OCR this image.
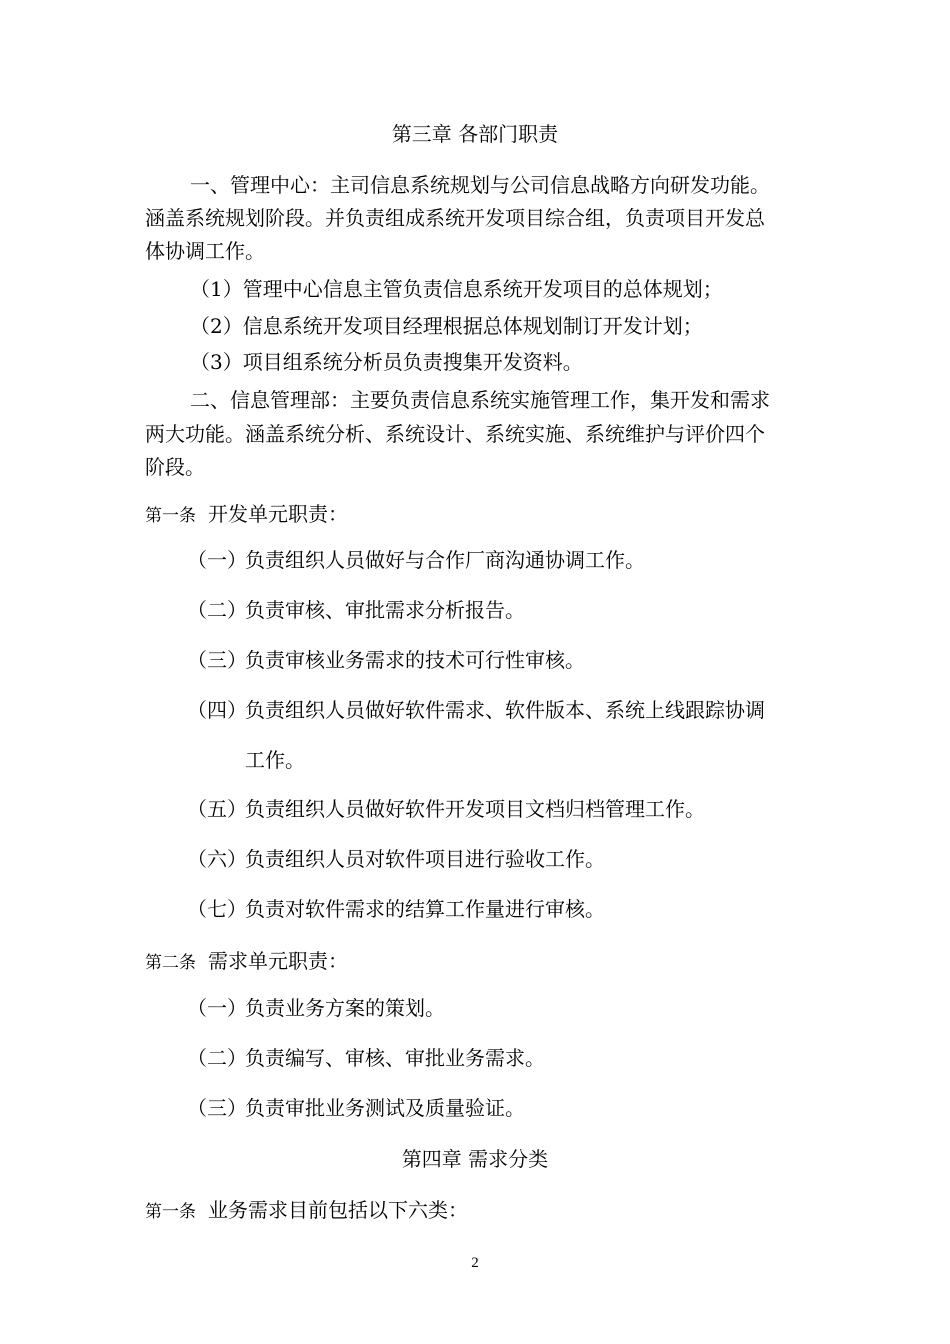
第三章 各部门职责
一、管理中心：主司信息系统规划与公司信息战略方向研发功能。
涵盖系统规划阶段。并负责组成系统开发项目综合组，负责项目开发总
体协调工作。
（1）管理中心信息主管负责信息系统开发项目的总体规划；
（2）信息系统开发项目经理根据总体规划制订开发计划；
（3）项目组系统分析员负责搜集开发资料。
二、信息管理部：主要负责信息系统实施管理工作，集开发和需求
两大功能。涵盖系统分析、系统设计、系统实施、系统维护与评价四个
阶段。
第一条 开发单元职责：
（一）负责组织人员做好与合作厂商沟通协调工作。
（二）负责审核、审批需求分析报告。
（三）负责审核业务需求的技术可行性审核。
（四）负责组织人员做好软件需求、软件版本、系统上线跟踪协调
工作。
（五）负责组织人员做好软件开发项目文档归档管理工作。
（六）负责组织人员对软件项目进行验收工作。
（七）负责对软件需求的结算工作量进行审核。
第二条 需求单元职责：
（一）负责业务方案的策划。
（二）负责编写、审核、审批业务需求。
（三）负责审批业务测试及质量验证。
第四章 需求分类
第一条 业务需求目前包括以下六类：
2
